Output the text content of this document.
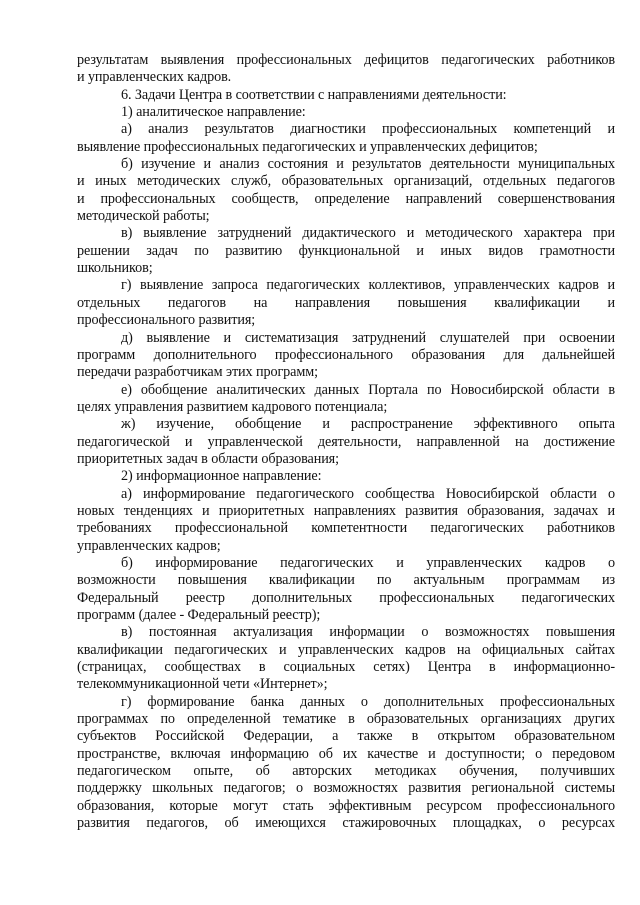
результатам выявления профессиональных дефицитов педагогических работников
и управленческих кадров.
6. Задачи Центра в соответствии с направлениями деятельности:
1) аналитическое направление:
а) анализ результатов диагностики профессиональных компетенций и
выявление профессиональных педагогических и управленческих дефицитов;
б) изучение и анализ состояния и результатов деятельности муниципальных
и иных методических служб, образовательных организаций, отдельных педагогов
и профессиональных сообществ, определение направлений совершенствования
методической работы;
в) выявление затруднений дидактического и методического характера при
решении задач по развитию функциональной и иных видов грамотности
школьников;
г) выявление запроса педагогических коллективов, управленческих кадров и
отдельных педагогов на направления повышения квалификации и
профессионального развития;
д) выявление и систематизация затруднений слушателей при освоении
программ дополнительного профессионального образования для дальнейшей
передачи разработчикам этих программ;
е) обобщение аналитических данных Портала по Новосибирской области в
целях управления развитием кадрового потенциала;
ж) изучение, обобщение и распространение эффективного опыта
педагогической и управленческой деятельности, направленной на достижение
приоритетных задач в области образования;
2) информационное направление:
а) информирование педагогического сообщества Новосибирской области о
новых тенденциях и приоритетных направлениях развития образования, задачах и
требованиях профессиональной компетентности педагогических работников
управленческих кадров;
б) информирование педагогических и управленческих кадров о
возможности повышения квалификации по актуальным программам из
Федеральный реестр дополнительных профессиональных педагогических
программ (далее - Федеральный реестр);
в) постоянная актуализация информации о возможностях повышения
квалификации педагогических и управленческих кадров на официальных сайтах
(страницах, сообществах в социальных сетях) Центра в информационно-
телекоммуникационной чети «Интернет»;
г) формирование банка данных о дополнительных профессиональных
программах по определенной тематике в образовательных организациях других
субъектов Российской Федерации, а также в открытом образовательном
пространстве, включая информацию об их качестве и доступности; о передовом
педагогическом опыте, об авторских методиках обучения, получивших
поддержку школьных педагогов; о возможностях развития региональной системы
образования, которые могут стать эффективным ресурсом профессионального
развития педагогов, об имеющихся стажировочных площадках, о ресурсах
